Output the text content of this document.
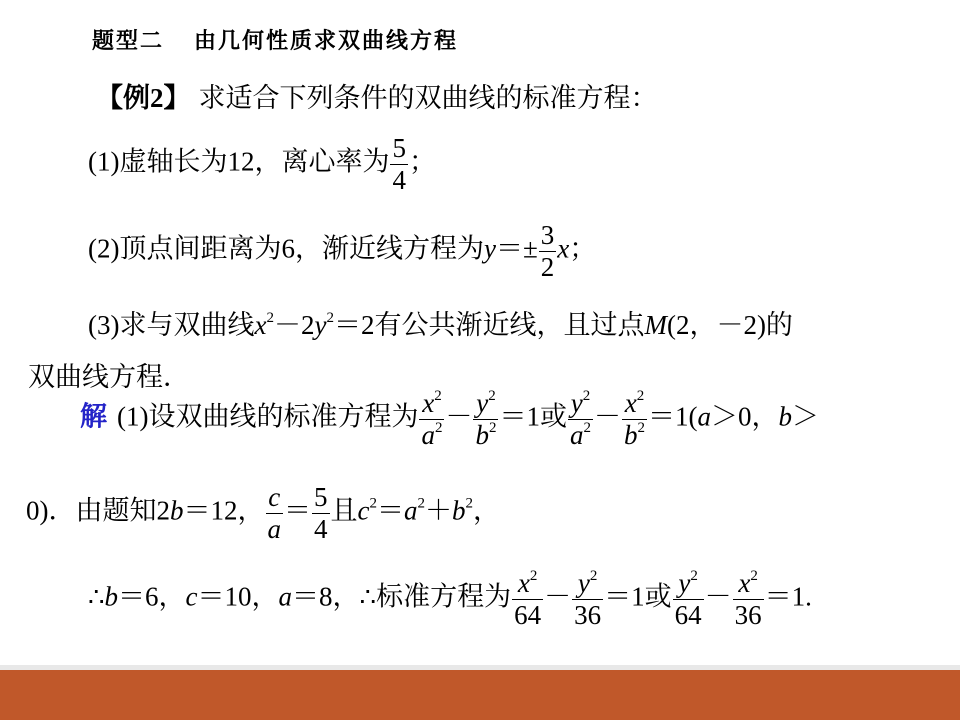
题型二 由几何性质求双曲线方程
【例2】 求适合下列条件的双曲线的标准方程：
(1)虚轴长为12，离心率为 $\frac{5}{4}$ ；
(2)顶点间距离为6，渐近线方程为$y=\pm \frac{3}{2}$ x；
(3)求与双曲线$x^2-2y^2=2$有公共渐近线，且过点M(2，－2)的
双曲线方程．
解 (1)设双曲线的标准方程为 $\frac{x^2}{a^2} - \frac{y^2}{b^2} =1$或 $\frac{y^2}{a^2} - \frac{x^2}{b^2} =1(a>0$，b＞
0)．由题知2b＝12， $\frac{c}{a} = \frac{5}{4}$ 且$c^2=a^2+b^2$，
∴b＝6，c＝10，a＝8，∴标准方程为 $\frac{x^2}{64} - \frac{y^2}{36} =1$或 $\frac{y^2}{64} - \frac{x^2}{36} =1$.
